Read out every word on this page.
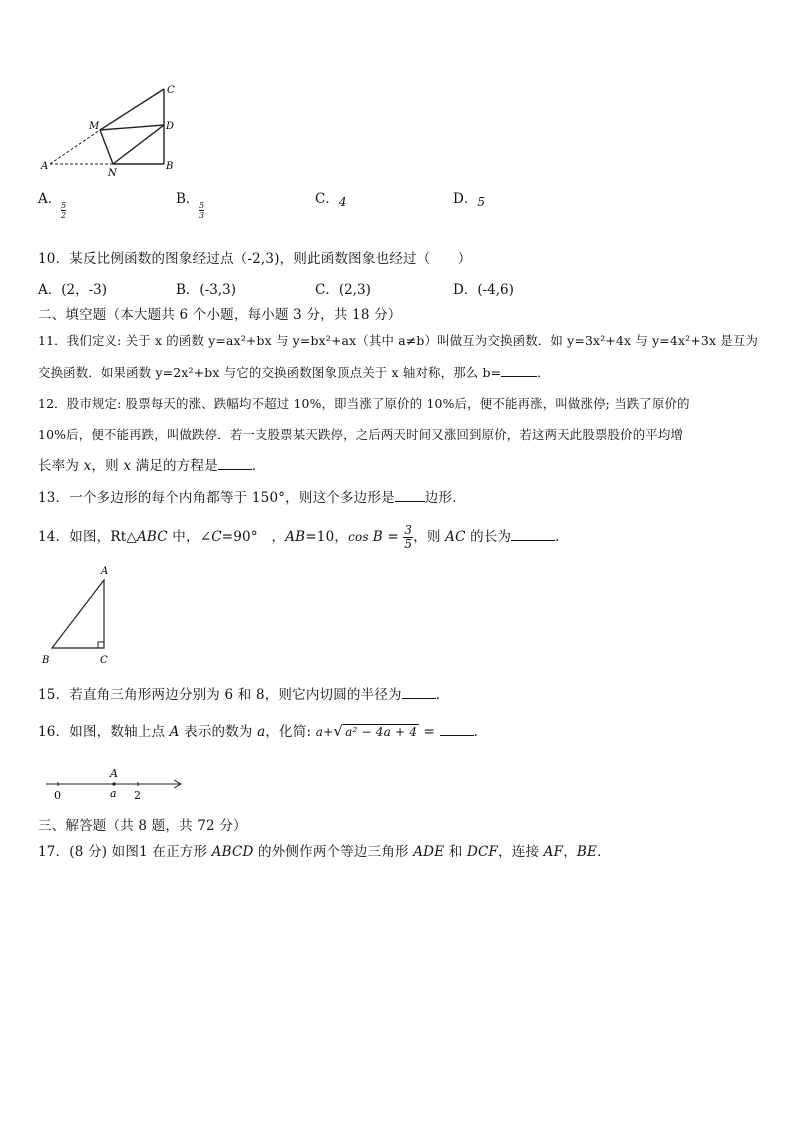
C
M	D
A
N
B
A．
$\frac{5}{2}$
B．
$\frac{5}{3}$
C．4	D．5
10．某反比例函数的图象经过点（-2,3)，则此函数图象也经过（　　）
A．(2，-3)	B．(-3,3)	C．(2,3)	D．(-4,6)
二、填空题（本大题共 6 个小题，每小题 3 分，共 18 分）
11．我们定义: 关于 x 的函数 y=ax²+bx 与 y=bx²+ax（其中 a≠b）叫做互为交换函数．如 y=3x²+4x 与 y=4x²+3x 是互为
交换函数．如果函数 y=2x²+bx 与它的交换函数图象顶点关于 x 轴对称，那么 b=	．
12．股市规定: 股票每天的涨、跌幅均不超过 10%，即当涨了原价的 10%后，便不能再涨，叫做涨停; 当跌了原价的
10%后，便不能再跌，叫做跌停．若一支股票某天跌停，之后两天时间又涨回到原价，若这两天此股票股价的平均增
长率为 x，则 x 满足的方程是	．
13．一个多边形的每个内角都等于 150°，则这个多边形是 边形．
14．如图，Rt△ABC 中，∠C=90°　，AB=10，$\cos B = \frac{3}{5}$ ，则 AC 的长为	．
A
B	C
15．若直角三角形两边分别为 6 和 8，则它内切圆的半径为	．
16．如图，数轴上点 A 表示的数为 a，化简: a+√ a² − 4a + 4 =	．
A
0	a 2
三、解答题（共 8 题，共 72 分）
17．(8 分) 如图1 在正方形 ABCD 的外侧作两个等边三角形 ADE 和 DCF，连接 AF，BE．
